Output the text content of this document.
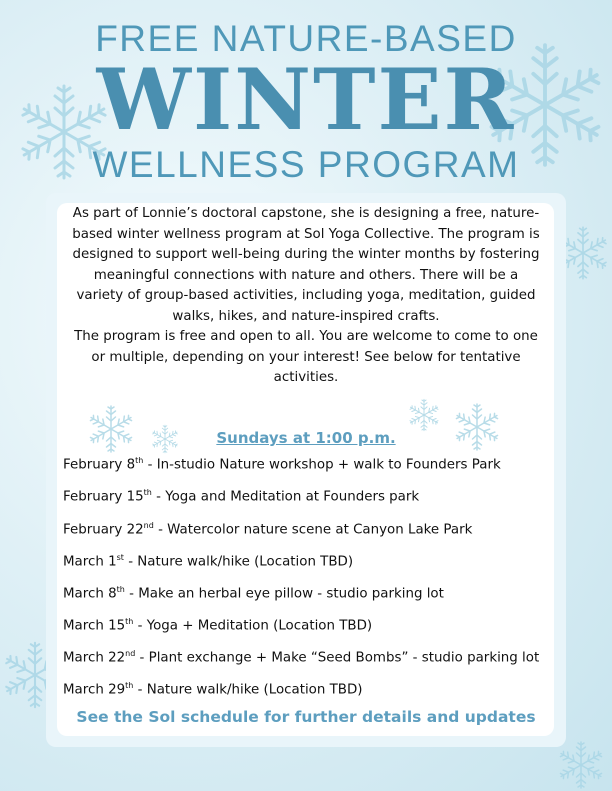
FREE NATURE-BASED
WINTER
WELLNESS PROGRAM

As part of Lonnie’s doctoral capstone, she is designing a free, nature-based winter wellness program at Sol Yoga Collective. The program is designed to support well-being during the winter months by fostering meaningful connections with nature and others. There will be a variety of group-based activities, including yoga, meditation, guided walks, hikes, and nature-inspired crafts.

The program is free and open to all. You are welcome to come to one or multiple, depending on your interest! See below for tentative activities.

Sundays at 1:00 p.m.
February 8th - In-studio Nature workshop + walk to Founders Park
February 15th - Yoga and Meditation at Founders park
February 22nd - Watercolor nature scene at Canyon Lake Park
March 1st - Nature walk/hike (Location TBD)
March 8th - Make an herbal eye pillow - studio parking lot
March 15th - Yoga + Meditation (Location TBD)
March 22nd - Plant exchange + Make “Seed Bombs” - studio parking lot
March 29th - Nature walk/hike (Location TBD)
See the Sol schedule for further details and updates
